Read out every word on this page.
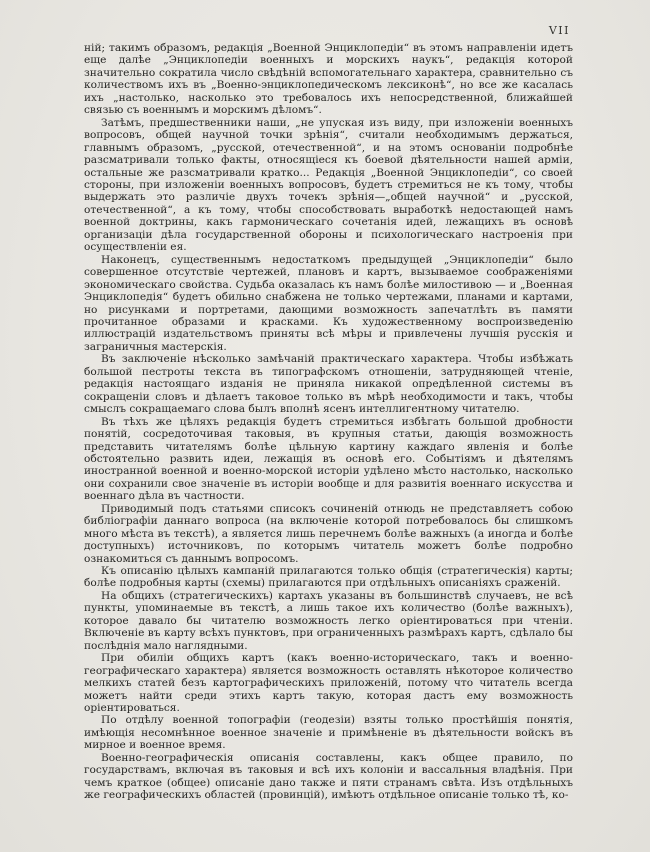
VII

ній; такимъ образомъ, редакція „Военной Энциклопедіи“ въ этомъ направленіи идетъ еще далѣе „Энциклопедіи военныхъ и морскихъ наукъ“, редакція которой значительно сократила число свѣдѣній вспомогательнаго характера, сравнительно съ количествомъ ихъ въ „Военно-энциклопедическомъ лексиконѣ“, но все же касалась ихъ „настолько, насколько это требовалось ихъ непосредственной, ближайшей связью съ военнымъ и морскимъ дѣломъ“.

Затѣмъ, предшественники наши, „не упуская изъ виду, при изложеніи военныхъ вопросовъ, общей научной точки зрѣнія“, считали необходимымъ держаться, главнымъ образомъ, „русской, отечественной“, и на этомъ основаніи подробнѣе разсматривали только факты, относящіеся къ боевой дѣятельности нашей арміи, остальные же разсматривали кратко... Редакція „Военной Энциклопедіи“, со своей стороны, при изложеніи военныхъ вопросовъ, будетъ стремиться не къ тому, чтобы выдержать это различіе двухъ точекъ зрѣнія—„общей научной“ и „русской, отечественной“, а къ тому, чтобы способствовать выработкѣ недостающей намъ военной доктрины, какъ гармоническаго сочетанія идей, лежащихъ въ основѣ организаціи дѣла государственной обороны и психологическаго настроенія при осуществленіи ея.

Наконецъ, существеннымъ недостаткомъ предыдущей „Энциклопедіи“ было совершенное отсутствіе чертежей, плановъ и картъ, вызываемое соображеніями экономическаго свойства. Судьба оказалась къ намъ болѣе милостивою — и „Военная Энциклопедія“ будетъ обильно снабжена не только чертежами, планами и картами, но рисунками и портретами, дающими возможность запечатлѣть въ памяти прочитанное образами и красками. Къ художественному воспроизведенію иллюстрацій издательствомъ приняты всѣ мѣры и привлечены лучшія русскія и заграничныя мастерскія.

Въ заключеніе нѣсколько замѣчаній практическаго характера. Чтобы избѣжать большой пестроты текста въ типографскомъ отношеніи, затрудняющей чтеніе, редакція настоящаго изданія не приняла никакой опредѣленной системы въ сокращеніи словъ и дѣлаетъ таковое только въ мѣрѣ необходимости и такъ, чтобы смыслъ сокращаемаго слова былъ вполнѣ ясенъ интеллигентному читателю.

Въ тѣхъ же цѣляхъ редакція будетъ стремиться избѣгать большой дробности понятій, сосредоточивая таковыя, въ крупныя статьи, дающія возможность представить читателямъ болѣе цѣльную картину каждаго явленія и болѣе обстоятельно развить идеи, лежащія въ основѣ его. Событіямъ и дѣятелямъ иностранной военной и военно-морской исторіи удѣлено мѣсто настолько, насколько они сохранили свое значеніе въ исторіи вообще и для развитія военнаго искусства и военнаго дѣла въ частности.

Приводимый подъ статьями списокъ сочиненій отнюдь не представляетъ собою библіографіи даннаго вопроса (на включеніе которой потребовалось бы слишкомъ много мѣста въ текстѣ), а является лишь перечнемъ болѣе важныхъ (а иногда и болѣе доступныхъ) источниковъ, по которымъ читатель можетъ болѣе подробно ознакомиться съ даннымъ вопросомъ.

Къ описанію цѣлыхъ кампаній прилагаются только общія (стратегическія) карты; болѣе подробныя карты (схемы) прилагаются при отдѣльныхъ описаніяхъ сраженій.

На общихъ (стратегическихъ) картахъ указаны въ большинствѣ случаевъ, не всѣ пункты, упоминаемые въ текстѣ, а лишь такое ихъ количество (болѣе важныхъ), которое давало бы читателю возможность легко оріентироваться при чтеніи. Включеніе въ карту всѣхъ пунктовъ, при ограниченныхъ размѣрахъ картъ, сдѣлало бы послѣднія мало наглядными.

При обиліи общихъ картъ (какъ военно-историческаго, такъ и военно-географическаго характера) является возможность оставлять нѣкоторое количество мелкихъ статей безъ картографическихъ приложеній, потому что читатель всегда можетъ найти среди этихъ картъ такую, которая дастъ ему возможность оріентироваться.

По отдѣлу военной топографіи (геодезіи) взяты только простѣйшія понятія, имѣющія несомнѣнное военное значеніе и примѣненіе въ дѣятельности войскъ въ мирное и военное время.

Военно-географическія описанія составлены, какъ общее правило, по государствамъ, включая въ таковыя и всѣ ихъ колоніи и вассальныя владѣнія. При чемъ краткое (общее) описаніе дано также и пяти странамъ свѣта. Изъ отдѣльныхъ же географическихъ областей (провинцій), имѣютъ отдѣльное описаніе только тѣ, ко-
